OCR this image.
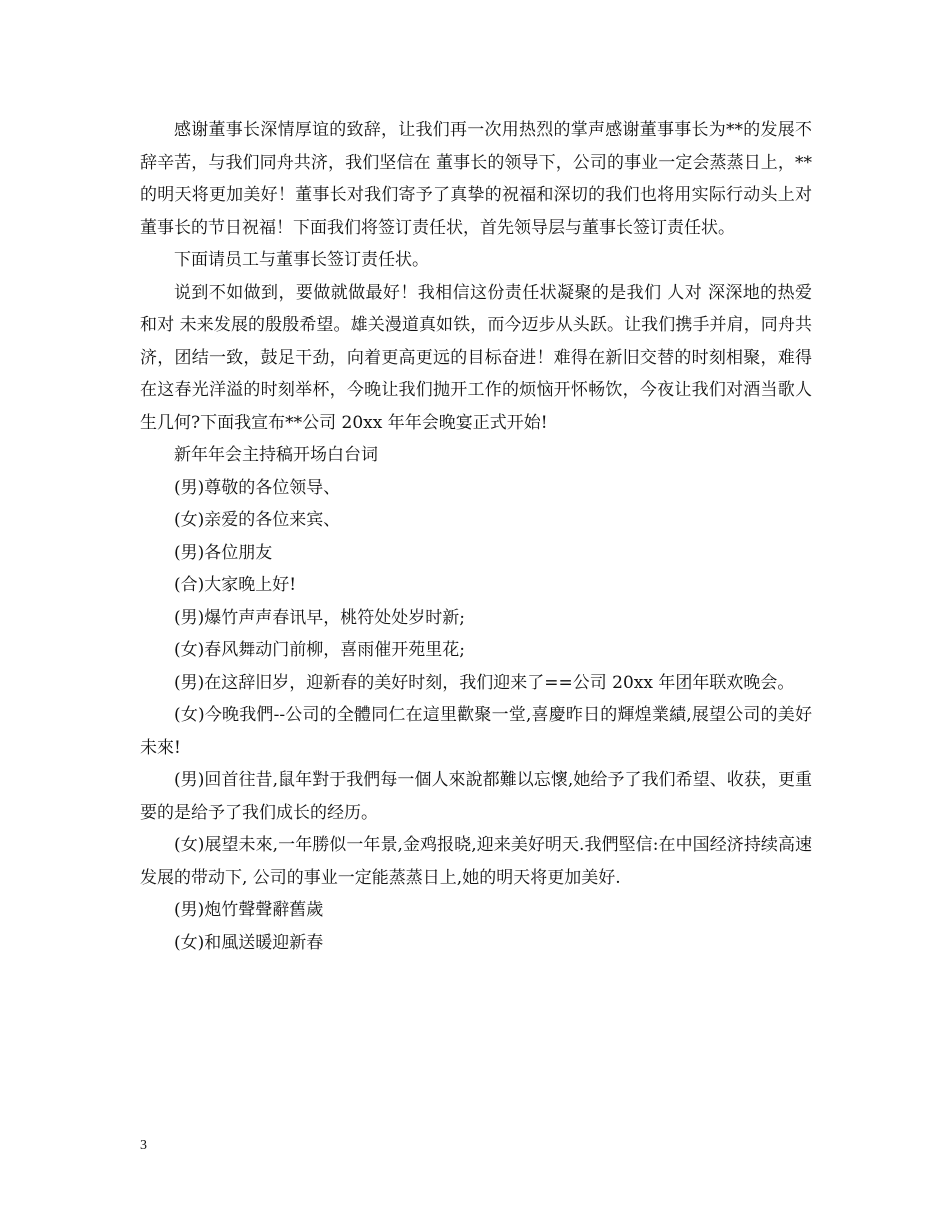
感谢董事长深情厚谊的致辞，让我们再一次用热烈的掌声感谢董事事长为**的发展不辞辛苦，与我们同舟共济，我们坚信在 董事长的领导下，公司的事业一定会蒸蒸日上，**的明天将更加美好！董事长对我们寄予了真挚的祝福和深切的我们也将用实际行动头上对董事长的节日祝福！下面我们将签订责任状，首先领导层与董事长签订责任状。

下面请员工与董事长签订责任状。

说到不如做到，要做就做最好！我相信这份责任状凝聚的是我们 人对 深深地的热爱和对 未来发展的殷殷希望。雄关漫道真如铁，而今迈步从头跃。让我们携手并肩，同舟共济，团结一致，鼓足干劲，向着更高更远的目标奋进！难得在新旧交替的时刻相聚，难得在这春光洋溢的时刻举杯，今晚让我们抛开工作的烦恼开怀畅饮，今夜让我们对酒当歌人生几何?下面我宣布**公司 20xx 年年会晚宴正式开始!

新年年会主持稿开场白台词

(男)尊敬的各位领导、

(女)亲爱的各位来宾、

(男)各位朋友

(合)大家晚上好!

(男)爆竹声声春讯早，桃符处处岁时新;

(女)春风舞动门前柳，喜雨催开苑里花;

(男)在这辞旧岁，迎新春的美好时刻，我们迎来了==公司 20xx 年团年联欢晚会。

(女)今晚我們--公司的全體同仁在這里歡聚一堂,喜慶昨日的輝煌業績,展望公司的美好未來!

(男)回首往昔,鼠年對于我們每一個人來說都難以忘懷,她给予了我们希望、收获，更重要的是给予了我们成长的经历。

(女)展望未來,一年勝似一年景,金鸡报晓,迎来美好明天.我們堅信:在中国经济持续高速发展的带动下, 公司的事业一定能蒸蒸日上,她的明天将更加美好.

(男)炮竹聲聲辭舊歲

(女)和風送暖迎新春

3
